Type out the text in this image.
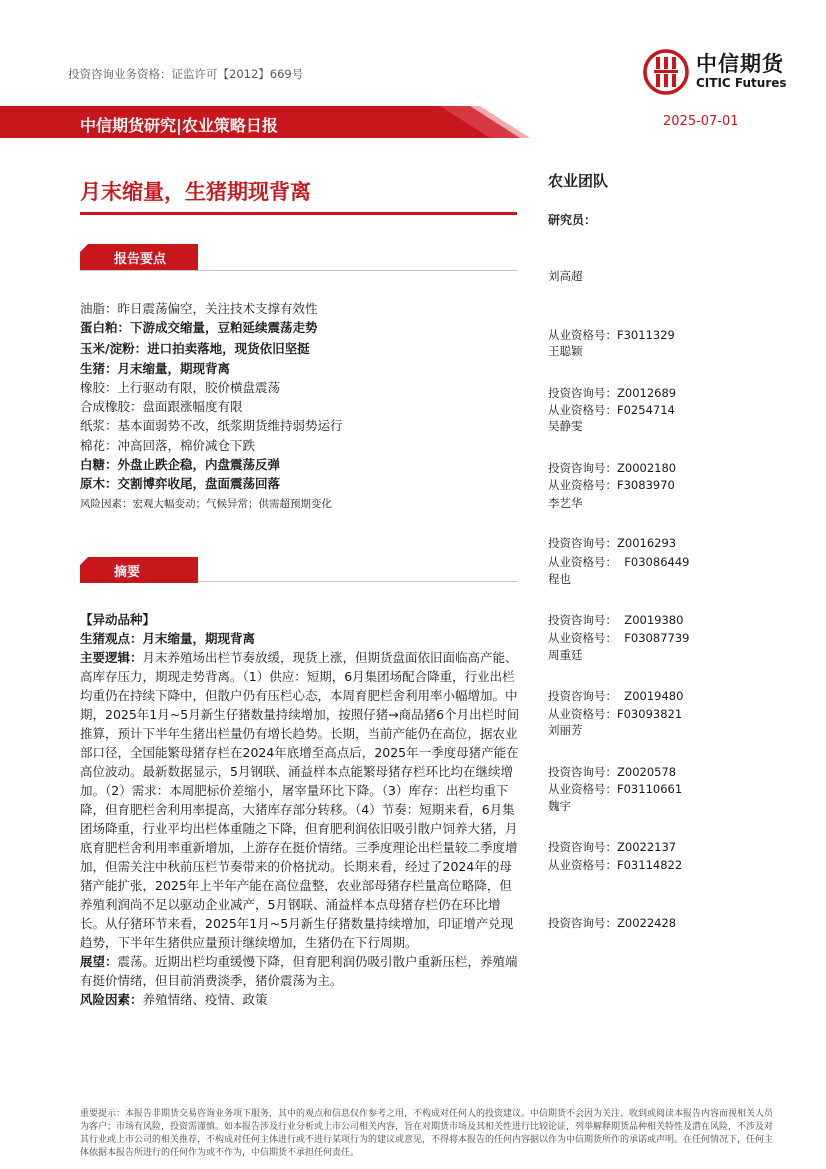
投资咨询业务资格：证监许可【2012】669号	中信期货
CITIC Futures
中信期货研究|农业策略日报	2025-07-01
月末缩量，生猪期现背离
报告要点
油脂：昨日震荡偏空，关注技术支撑有效性
蛋白粕：下游成交缩量，豆粕延续震荡走势
玉米/淀粉：进口拍卖落地，现货依旧坚挺
生猪：月末缩量，期现背离
橡胶：上行驱动有限，胶价横盘震荡
合成橡胶：盘面跟涨幅度有限
纸浆：基本面弱势不改，纸浆期货维持弱势运行
棉花：冲高回落，棉价减仓下跌
白糖：外盘止跌企稳，内盘震荡反弹
原木：交割博弈收尾，盘面震荡回落
风险因素：宏观大幅变动；气候异常；供需超预期变化
摘要

【异动品种】

生猪观点：月末缩量，期现背离

主要逻辑：月末养殖场出栏节奏放缓，现货上涨，但期货盘面依旧面临高产能、高库存压力，期现走势背离。（1）供应：短期，6月集团场配合降重，行业出栏均重仍在持续下降中，但散户仍有压栏心态，本周育肥栏舍利用率小幅增加。中期，2025年1月~5月新生仔猪数量持续增加，按照仔猪→商品猪6个月出栏时间推算，预计下半年生猪出栏量仍有增长趋势。长期，当前产能仍在高位，据农业部口径，全国能繁母猪存栏在2024年底增至高点后，2025年一季度母猪产能在高位波动。最新数据显示，5月钢联、涌益样本点能繁母猪存栏环比均在继续增加。（2）需求：本周肥标价差缩小，屠宰量环比下降。（3）库存：出栏均重下降，但育肥栏舍利用率提高，大猪库存部分转移。（4）节奏：短期来看，6月集团场降重，行业平均出栏体重随之下降，但育肥利润依旧吸引散户饲养大猪，月底育肥栏舍利用率重新增加，上游存在挺价情绪。三季度理论出栏量较二季度增加，但需关注中秋前压栏节奏带来的价格扰动。长期来看，经过了2024年的母猪产能扩张，2025年上半年产能在高位盘整，农业部母猪存栏量高位略降，但养殖利润尚不足以驱动企业减产，5月钢联、涌益样本点母猪存栏仍在环比增长。从仔猪环节来看，2025年1月~5月新生仔猪数量持续增加，印证增产兑现趋势，下半年生猪供应量预计继续增加，生猪仍在下行周期。

展望：震荡。近期出栏均重缓慢下降，但育肥利润仍吸引散户重新压栏，养殖端有挺价情绪，但目前消费淡季，猪价震荡为主。

风险因素：养殖情绪、疫情、政策

农业团队
研究员：

刘高超

从业资格号：F3011329

投资咨询号：Z0012689

王聪颖

从业资格号：F0254714

投资咨询号：Z0002180

吴静雯

从业资格号：F3083970

投资咨询号：Z0016293

李艺华

从业资格号：  F03086449

投资咨询号：  Z0019380

程也

从业资格号：  F03087739

投资咨询号：  Z0019480

周重廷

从业资格号：F03093821

投资咨询号：Z0020578

刘丽芳

从业资格号：F03110661

投资咨询号：Z0022137

魏宇

从业资格号：F03114822

投资咨询号：Z0022428

重要提示：本报告非期货交易咨询业务项下服务，其中的观点和信息仅作参考之用，不构成对任何人的投资建议。中信期货不会因为关注、收到或阅读本报告内容而视相关人员为客户；市场有风险，投资需谨慎。如本报告涉及行业分析或上市公司相关内容，旨在对期货市场及其相关性进行比较论证，列举解释期货品种相关特性及潜在风险，不涉及对其行业或上市公司的相关推荐，不构成对任何主体进行或不进行某项行为的建议或意见，不得将本报告的任何内容据以作为中信期货所作的承诺或声明。在任何情况下，任何主体依据本报告所进行的任何作为或不作为，中信期货不承担任何责任。
